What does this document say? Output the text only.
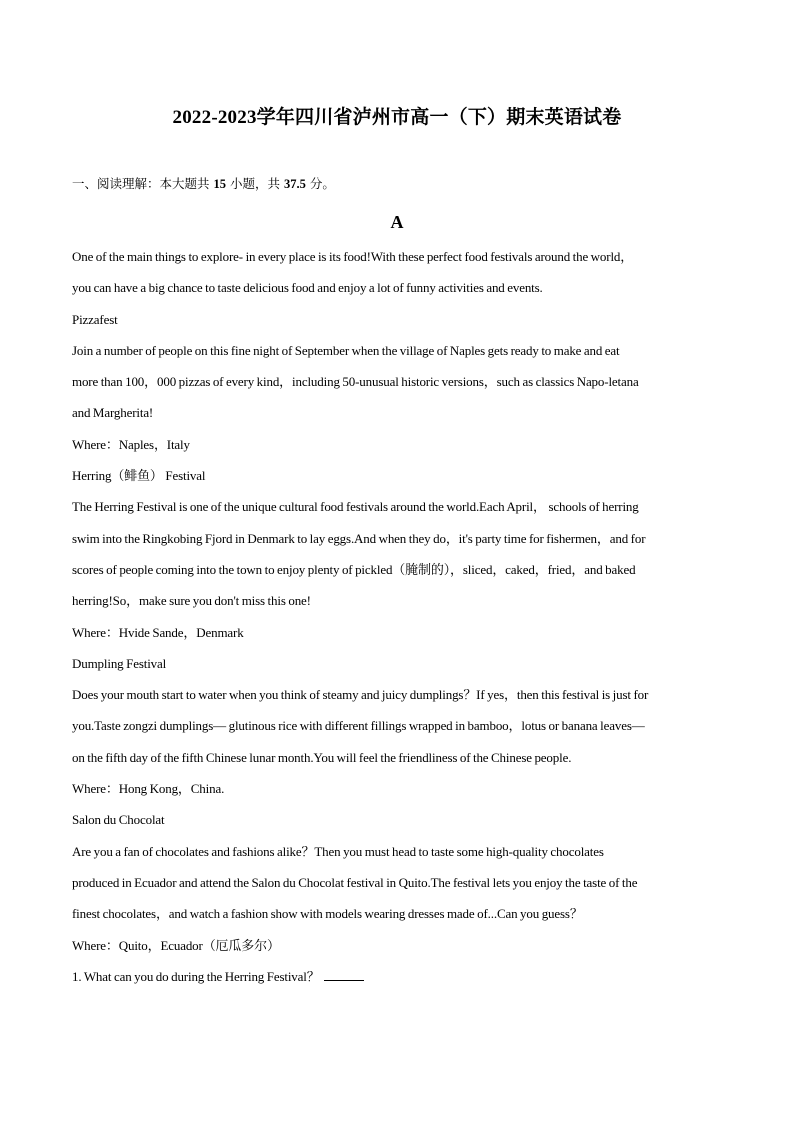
2022-2023学年四川省泸州市高一（下）期末英语试卷
一、阅读理解：本大题共 15 小题，共 37.5 分。
A
One of the main things to explore- in every place is its food!With these perfect food festivals around the world，
you can have a big chance to taste delicious food and enjoy a lot of funny activities and events.
Pizzafest
Join a number of people on this fine night of September when the village of Naples gets ready to make and eat
more than 100，000 pizzas of every kind，including 50-unusual historic versions，such as classics Napo-letana
and Margherita!
Where：Naples，Italy
Herring（鲱鱼） Festival
The Herring Festival is one of the unique cultural food festivals around the world.Each April， schools of herring
swim into the Ringkobing Fjord in Denmark to lay eggs.And when they do，it's party time for fishermen，and for
scores of people coming into the town to enjoy plenty of pickled（腌制的），sliced，caked，fried，and baked
herring!So，make sure you don't miss this one!
Where：Hvide Sande，Denmark
Dumpling Festival
Does your mouth start to water when you think of steamy and juicy dumplings？If yes，then this festival is just for
you.Taste zongzi dumplings— glutinous rice with different fillings wrapped in bamboo，lotus or banana leaves—
on the fifth day of the fifth Chinese lunar month.You will feel the friendliness of the Chinese people.
Where：Hong Kong，China.
Salon du Chocolat
Are you a fan of chocolates and fashions alike？Then you must head to taste some high-quality chocolates
produced in Ecuador and attend the Salon du Chocolat festival in Quito.The festival lets you enjoy the taste of the
finest chocolates，and watch a fashion show with models wearing dresses made of...Can you guess？
Where：Quito，Ecuador（厄瓜多尔）
1. What can you do during the Herring Festival？
